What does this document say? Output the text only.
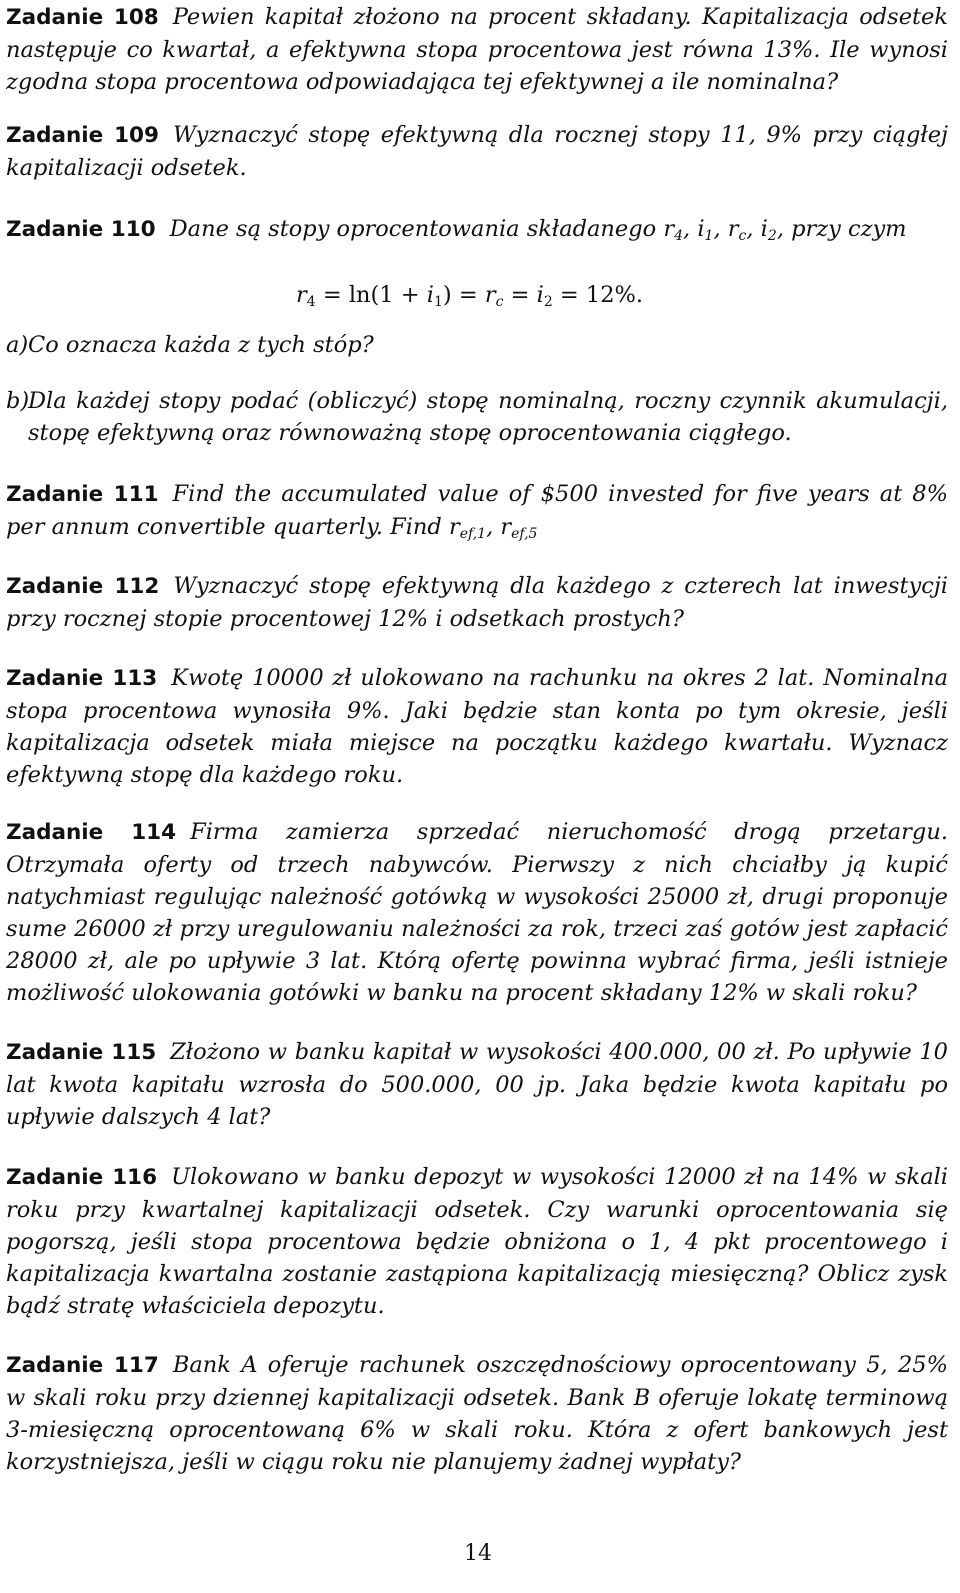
Zadanie 108 Pewien kapitał złożono na procent składany. Kapitalizacja odsetek następuje co kwartał, a efektywna stopa procentowa jest równa 13%. Ile wynosi zgodna stopa procentowa odpowiadająca tej efektywnej a ile nominalna?

Zadanie 109 Wyznaczyć stopę efektywną dla rocznej stopy 11, 9% przy ciągłej kapitalizacji odsetek.

Zadanie 110 Dane są stopy oprocentowania składanego $r_4$, $i_1$, $r_c$, $i_2$, przy czym

$r_4 = \ln(1 + i_1) = r_c = i_2 = 12\%$.
a) Co oznacza każda z tych stóp?
b)
Dla każdej stopy podać (obliczyć) stopę nominalną, roczny czynnik akumulacji, stopę efektywną oraz równoważną stopę oprocentowania ciągłego.

Zadanie 111 Find the accumulated value of $500 invested for five years at 8% per annum convertible quarterly. Find $r_{ef,1}$, $r_{ef,5}$

Zadanie 112 Wyznaczyć stopę efektywną dla każdego z czterech lat inwestycji przy rocznej stopie procentowej 12% i odsetkach prostych?

Zadanie 113 Kwotę 10000 zł ulokowano na rachunku na okres 2 lat. Nominalna stopa procentowa wynosiła 9%. Jaki będzie stan konta po tym okresie, jeśli kapitalizacja odsetek miała miejsce na początku każdego kwartału. Wyznacz efektywną stopę dla każdego roku.

Zadanie 114 Firma zamierza sprzedać nieruchomość drogą przetargu. Otrzymała oferty od trzech nabywców. Pierwszy z nich chciałby ją kupić natychmiast regulując należność gotówką w wysokości 25000 zł, drugi proponuje sume 26000 zł przy uregulowaniu należności za rok, trzeci zaś gotów jest zapłacić 28000 zł, ale po upływie 3 lat. Którą ofertę powinna wybrać firma, jeśli istnieje możliwość ulokowania gotówki w banku na procent składany 12% w skali roku?

Zadanie 115 Złożono w banku kapitał w wysokości 400.000, 00 zł. Po upływie 10 lat kwota kapitału wzrosła do 500.000, 00 jp. Jaka będzie kwota kapitału po upływie dalszych 4 lat?

Zadanie 116 Ulokowano w banku depozyt w wysokości 12000 zł na 14% w skali roku przy kwartalnej kapitalizacji odsetek. Czy warunki oprocentowania się pogorszą, jeśli stopa procentowa będzie obniżona o 1, 4 pkt procentowego i kapitalizacja kwartalna zostanie zastąpiona kapitalizacją miesięczną? Oblicz zysk bądź stratę właściciela depozytu.

Zadanie 117 Bank A oferuje rachunek oszczędnościowy oprocentowany 5, 25% w skali roku przy dziennej kapitalizacji odsetek. Bank B oferuje lokatę terminową 3-miesięczną oprocentowaną 6% w skali roku. Która z ofert bankowych jest korzystniejsza, jeśli w ciągu roku nie planujemy żadnej wypłaty?

14
